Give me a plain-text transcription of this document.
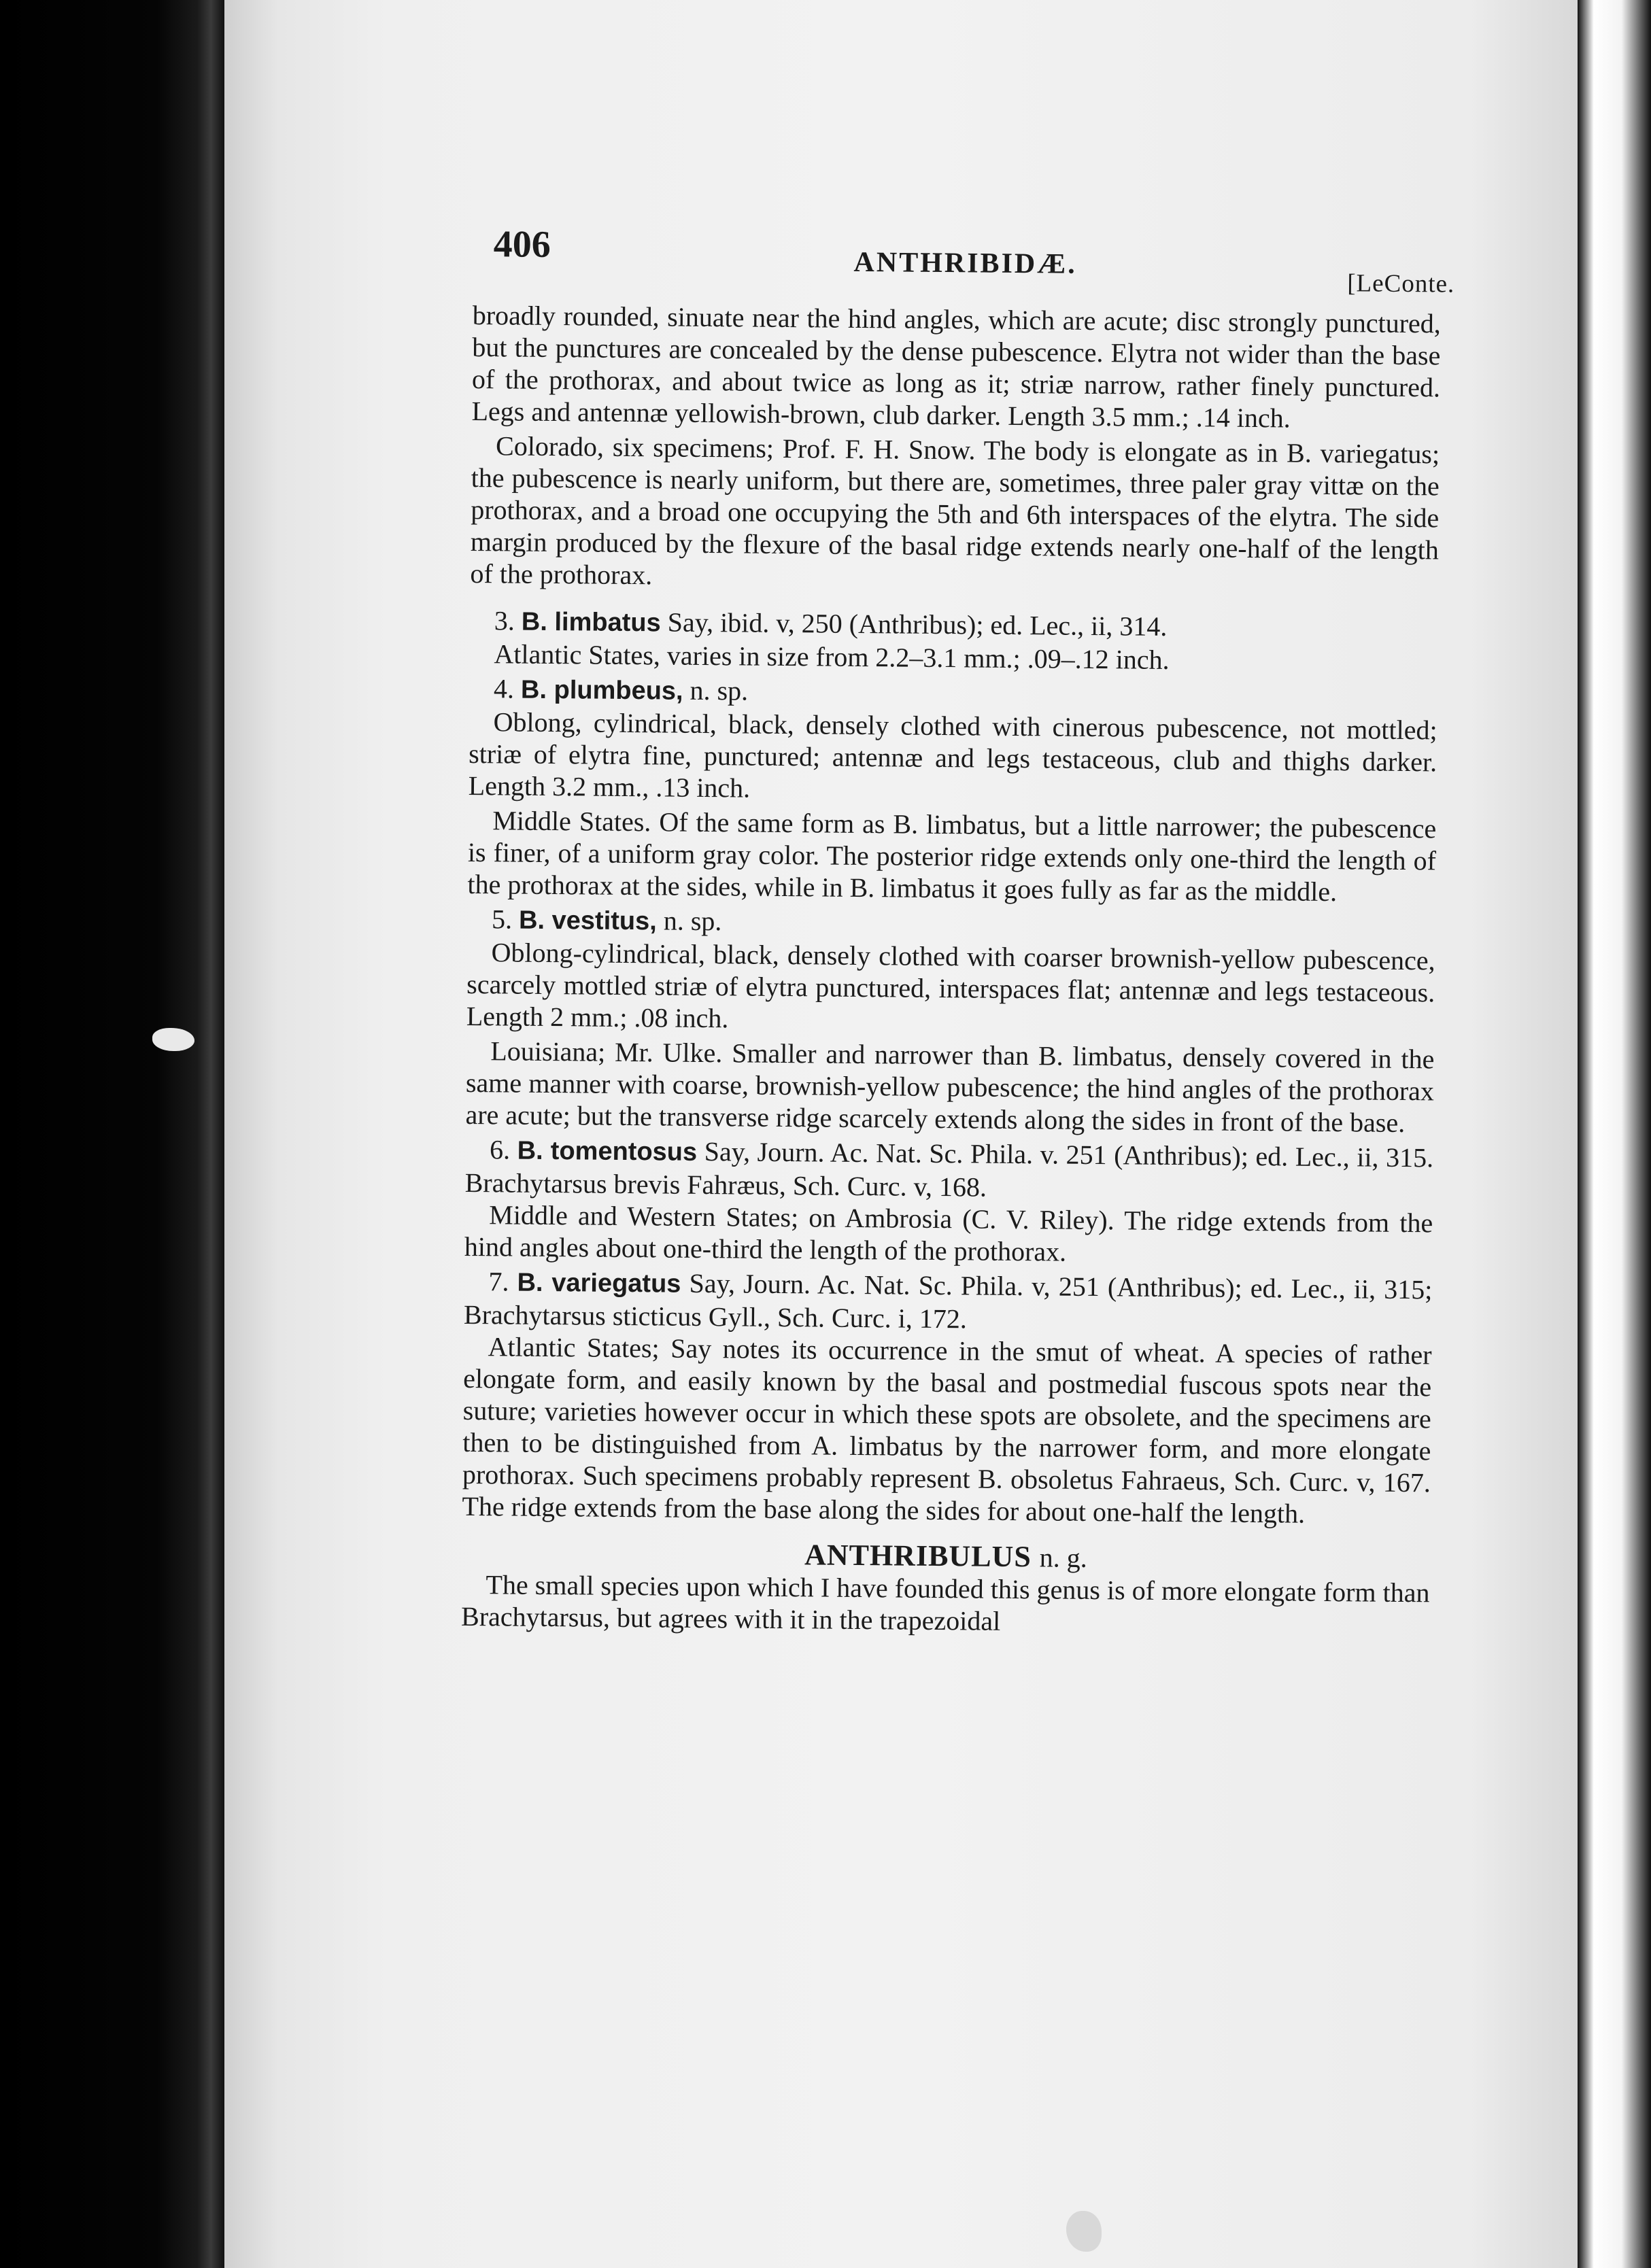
406	ANTHRIBIDÆ.
[LeConte.

broadly rounded, sinuate near the hind angles, which are acute; disc strongly punctured, but the punctures are concealed by the dense pubescence. Elytra not wider than the base of the prothorax, and about twice as long as it; striæ narrow, rather finely punctured. Legs and antennæ yellowish-brown, club darker. Length 3.5 mm.; .14 inch.

Colorado, six specimens; Prof. F. H. Snow. The body is elongate as in B. variegatus; the pubescence is nearly uniform, but there are, sometimes, three paler gray vittæ on the prothorax, and a broad one occupying the 5th and 6th interspaces of the elytra. The side margin produced by the flexure of the basal ridge extends nearly one-half of the length of the prothorax.

3. B. limbatus Say, ibid. v, 250 (Anthribus); ed. Lec., ii, 314.

Atlantic States, varies in size from 2.2–3.1 mm.; .09–.12 inch.

4. B. plumbeus, n. sp.

Oblong, cylindrical, black, densely clothed with cinerous pubescence, not mottled; striæ of elytra fine, punctured; antennæ and legs testaceous, club and thighs darker. Length 3.2 mm., .13 inch.

Middle States. Of the same form as B. limbatus, but a little narrower; the pubescence is finer, of a uniform gray color. The posterior ridge extends only one-third the length of the prothorax at the sides, while in B. limbatus it goes fully as far as the middle.

5. B. vestitus, n. sp.

Oblong-cylindrical, black, densely clothed with coarser brownish-yellow pubescence, scarcely mottled striæ of elytra punctured, interspaces flat; antennæ and legs testaceous. Length 2 mm.; .08 inch.

Louisiana; Mr. Ulke. Smaller and narrower than B. limbatus, densely covered in the same manner with coarse, brownish-yellow pubescence; the hind angles of the prothorax are acute; but the transverse ridge scarcely extends along the sides in front of the base.

6. B. tomentosus Say, Journ. Ac. Nat. Sc. Phila. v. 251 (Anthribus); ed. Lec., ii, 315. Brachytarsus brevis Fahræus, Sch. Curc. v, 168.

Middle and Western States; on Ambrosia (C. V. Riley). The ridge extends from the hind angles about one-third the length of the prothorax.

7. B. variegatus Say, Journ. Ac. Nat. Sc. Phila. v, 251 (Anthribus); ed. Lec., ii, 315; Brachytarsus sticticus Gyll., Sch. Curc. i, 172.

Atlantic States; Say notes its occurrence in the smut of wheat. A species of rather elongate form, and easily known by the basal and postmedial fuscous spots near the suture; varieties however occur in which these spots are obsolete, and the specimens are then to be distinguished from A. limbatus by the narrower form, and more elongate prothorax. Such specimens probably represent B. obsoletus Fahraeus, Sch. Curc. v, 167. The ridge extends from the base along the sides for about one-half the length.

ANTHRIBULUS n. g.

The small species upon which I have founded this genus is of more elongate form than Brachytarsus, but agrees with it in the trapezoidal
